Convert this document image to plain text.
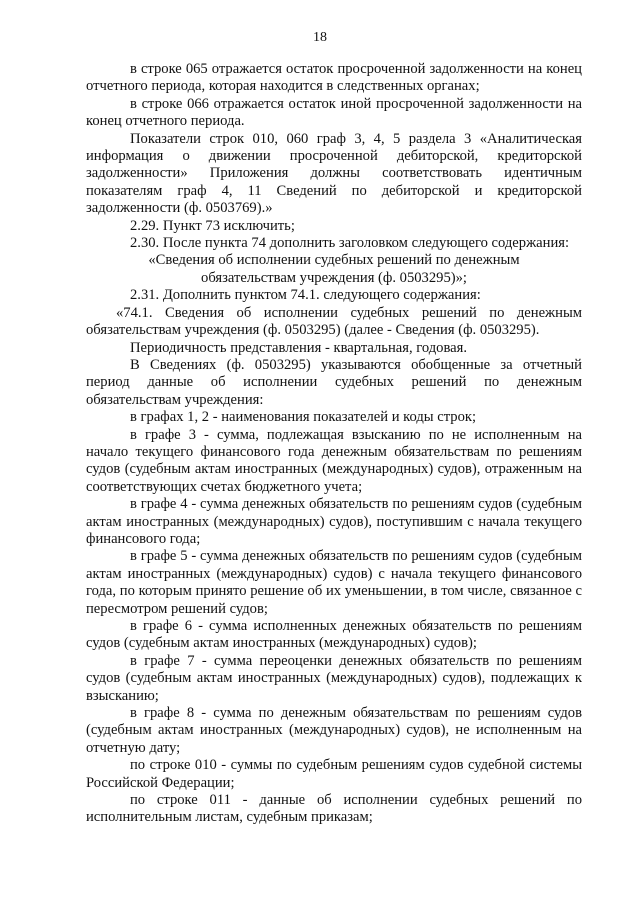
18

в строке 065 отражается остаток просроченной задолженности на конец отчетного периода, которая находится в следственных органах;

в строке 066 отражается остаток иной просроченной задолженности на конец отчетного периода.

Показатели строк 010, 060 граф 3, 4, 5 раздела 3 «Аналитическая информация о движении просроченной дебиторской, кредиторской задолженности» Приложения должны соответствовать идентичным показателям граф 4, 11 Сведений по дебиторской и кредиторской задолженности (ф. 0503769).»

2.29. Пункт 73 исключить;

2.30. После пункта 74 дополнить заголовком следующего содержания:

«Сведения об исполнении судебных решений по денежным обязательствам учреждения (ф. 0503295)»;

2.31. Дополнить пунктом 74.1. следующего содержания:

«74.1. Сведения об исполнении судебных решений по денежным обязательствам учреждения (ф. 0503295) (далее - Сведения (ф. 0503295).

Периодичность представления - квартальная, годовая.

В Сведениях (ф. 0503295) указываются обобщенные за отчетный период данные об исполнении судебных решений по денежным обязательствам учреждения:

в графах 1, 2 - наименования показателей и коды строк;

в графе 3 - сумма, подлежащая взысканию по не исполненным на начало текущего финансового года денежным обязательствам по решениям судов (судебным актам иностранных (международных) судов), отраженным на соответствующих счетах бюджетного учета;

в графе 4 - сумма денежных обязательств по решениям судов (судебным актам иностранных (международных) судов), поступившим с начала текущего финансового года;

в графе 5 - сумма денежных обязательств по решениям судов (судебным актам иностранных (международных) судов) с начала текущего финансового года, по которым принято решение об их уменьшении, в том числе, связанное с пересмотром решений судов;

в графе 6 - сумма исполненных денежных обязательств по решениям судов (судебным актам иностранных (международных) судов);

в графе 7 - сумма переоценки денежных обязательств по решениям судов (судебным актам иностранных (международных) судов), подлежащих к взысканию;

в графе 8 - сумма по денежным обязательствам по решениям судов (судебным актам иностранных (международных) судов), не исполненным на отчетную дату;

по строке 010 - суммы по судебным решениям судов судебной системы Российской Федерации;

по строке 011 - данные об исполнении судебных решений по исполнительным листам, судебным приказам;
